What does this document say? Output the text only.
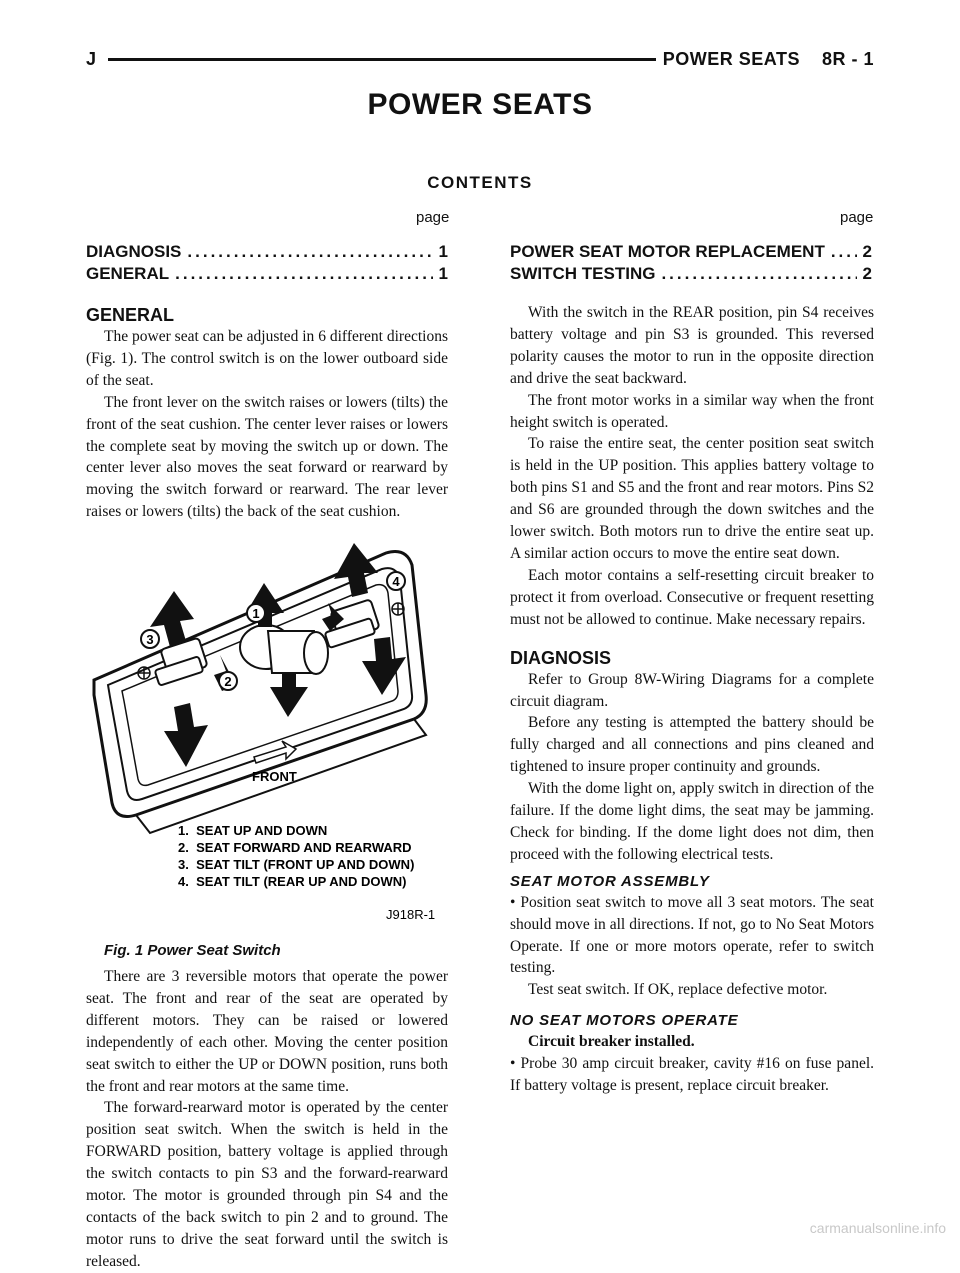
J	POWER SEATS    8R - 1
POWER SEATS
CONTENTS
page	page
DIAGNOSIS .....	1
GENERAL .....	1
POWER SEAT MOTOR REPLACEMENT ..... 2
SWITCH TESTING .....	2
GENERAL

The power seat can be adjusted in 6 different directions (Fig. 1). The control switch is on the lower outboard side of the seat.

The front lever on the switch raises or lowers (tilts) the front of the seat cushion. The center lever raises or lowers the complete seat by moving the switch up or down. The center lever also moves the seat forward or rearward by moving the switch forward or rearward. The rear lever raises or lowers (tilts) the back of the seat cushion.

1
2
3
4
FRONT
1.  SEAT UP AND DOWN
2.  SEAT FORWARD AND REARWARD
3.  SEAT TILT (FRONT UP AND DOWN)
4.  SEAT TILT (REAR UP AND DOWN)
J918R-1
Fig. 1 Power Seat Switch

There are 3 reversible motors that operate the power seat. The front and rear of the seat are operated by different motors. They can be raised or lowered independently of each other. Moving the center position seat switch to either the UP or DOWN position, runs both the front and rear motors at the same time.

The forward-rearward motor is operated by the center position seat switch. When the switch is held in the FORWARD position, battery voltage is applied through the switch contacts to pin S3 and the forward-rearward motor. The motor is grounded through pin S4 and the contacts of the back switch to pin 2 and to ground. The motor runs to drive the seat forward until the switch is released.

With the switch in the REAR position, pin S4 receives battery voltage and pin S3 is grounded. This reversed polarity causes the motor to run in the opposite direction and drive the seat backward.

The front motor works in a similar way when the front height switch is operated.

To raise the entire seat, the center position seat switch is held in the UP position. This applies battery voltage to both pins S1 and S5 and the front and rear motors. Pins S2 and S6 are grounded through the down switches and the lower switch. Both motors run to drive the entire seat up. A similar action occurs to move the entire seat down.

Each motor contains a self-resetting circuit breaker to protect it from overload. Consecutive or frequent resetting must not be allowed to continue. Make necessary repairs.

DIAGNOSIS

Refer to Group 8W-Wiring Diagrams for a complete circuit diagram.

Before any testing is attempted the battery should be fully charged and all connections and pins cleaned and tightened to insure proper continuity and grounds.

With the dome light on, apply switch in direction of the failure. If the dome light dims, the seat may be jamming. Check for binding. If the dome light does not dim, then proceed with the following electrical tests.

SEAT MOTOR ASSEMBLY

• Position seat switch to move all 3 seat motors. The seat should move in all directions. If not, go to No Seat Motors Operate. If one or more motors operate, refer to switch testing.

Test seat switch. If OK, replace defective motor.

NO SEAT MOTORS OPERATE

Circuit breaker installed.

• Probe 30 amp circuit breaker, cavity #16 on fuse panel. If battery voltage is present, replace circuit breaker.

carmanualsonline.info
